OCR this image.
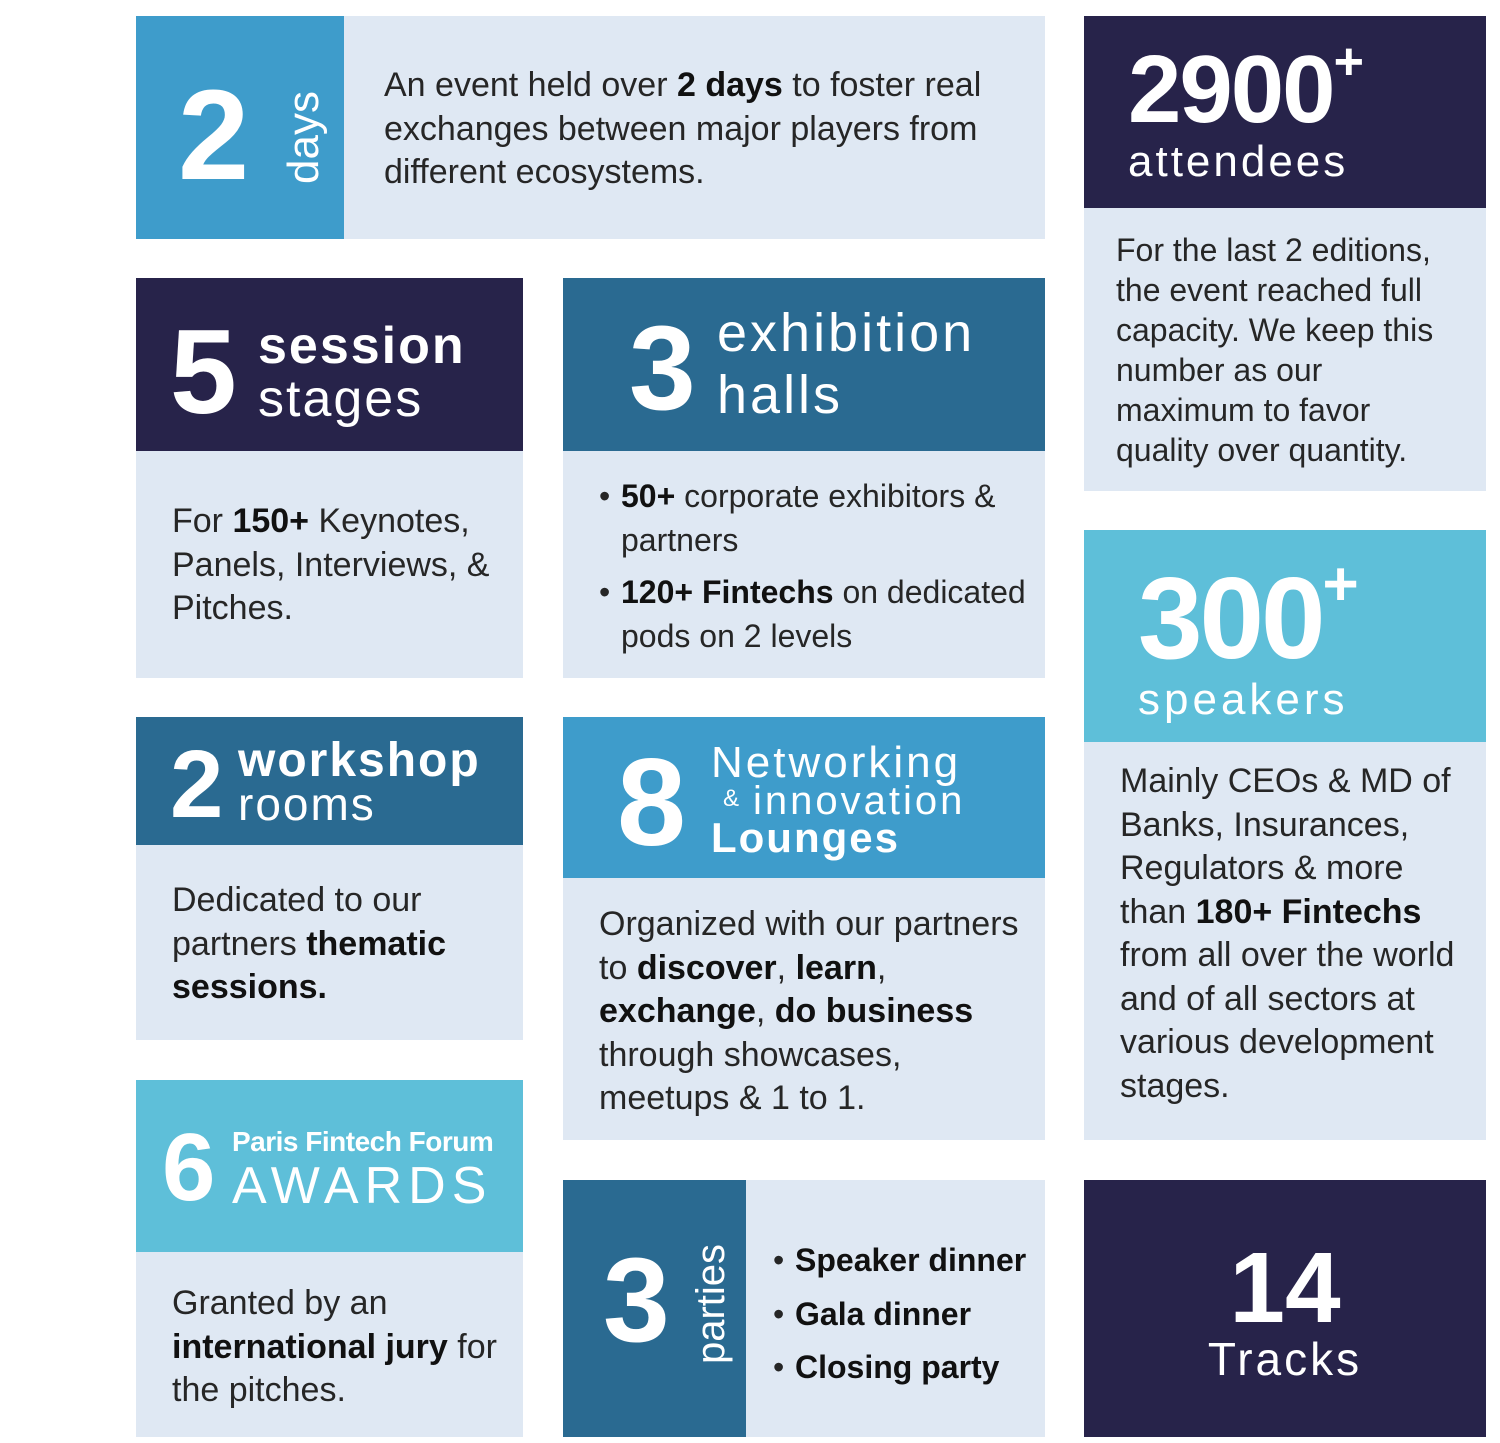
2 days
An event held over 2 days to foster real exchanges between major players from different ecosystems.
2900+
attendees
For the last 2 editions, the event reached full capacity. We keep this number as our maximum to favor quality over quantity.
5 session
stages
For 150+ Keynotes, Panels, Interviews, & Pitches.
3 exhibition
halls
• 50+ corporate exhibitors & partners
• 120+ Fintechs on dedicated pods on 2 levels	300+
speakers
Mainly CEOs & MD of Banks, Insurances, Regulators & more than 180+ Fintechs from all over the world and of all sectors at various development stages.
2 workshop
rooms
Dedicated to our partners thematic sessions.
8 Networking
& innovation
Lounges
Organized with our partners to discover, learn, exchange, do business through showcases, meetups & 1 to 1.
6 Paris Fintech Forum
AWARDS
Granted by an international jury for the pitches.
3 parties
•	Speaker dinner
• Gala dinner
• Closing party
14
Tracks
